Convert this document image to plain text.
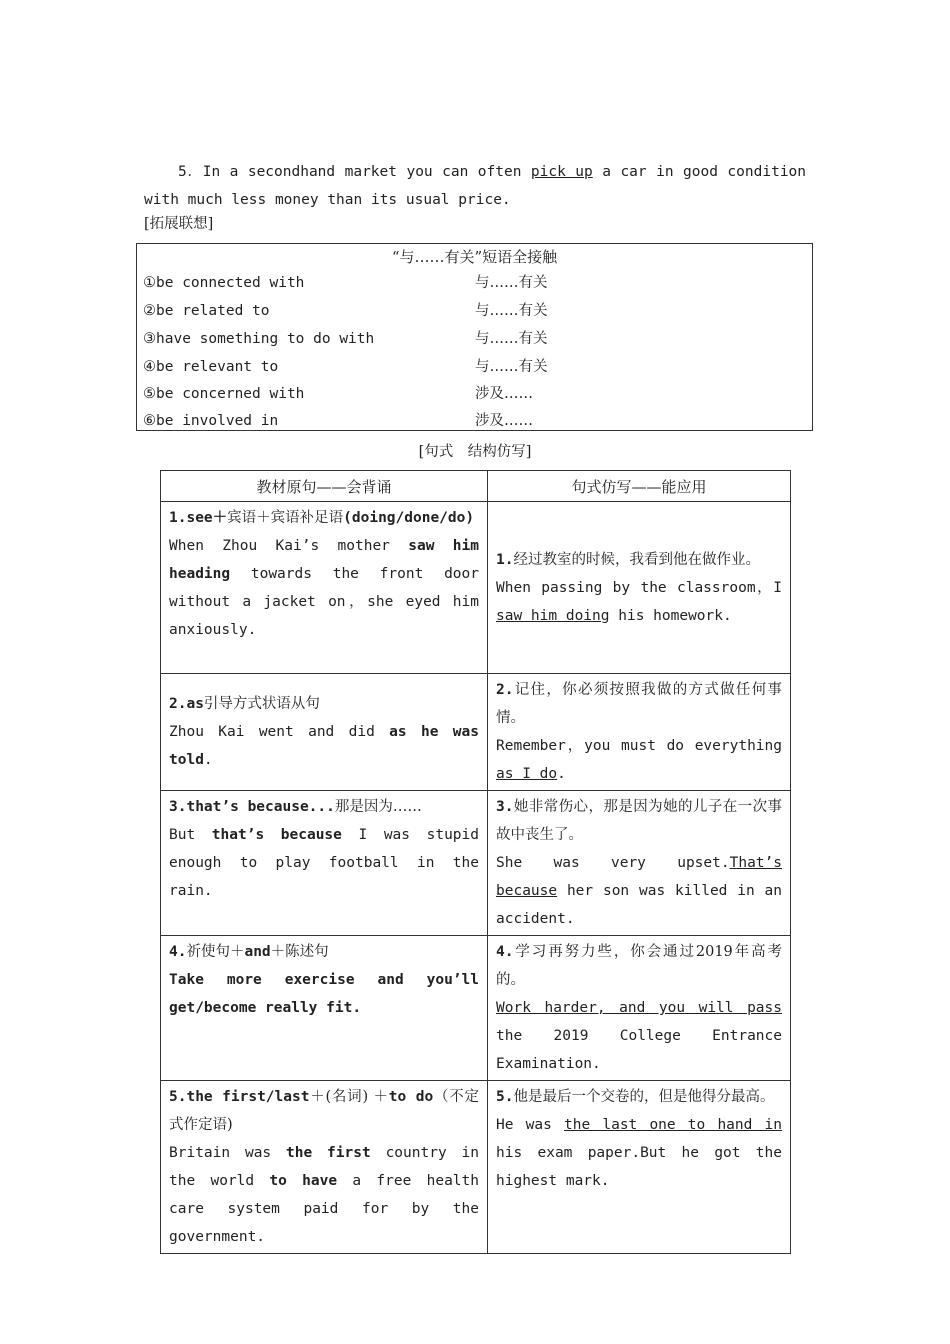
5．In a secondhand market you can often pick up a car in good condition with much less money than its usual price.
[拓展联想]
“与……有关”短语全接触
①be connected with	与……有关
②be related to	与……有关
③have something to do with	与……有关
④be relevant to	与……有关
⑤be concerned with	涉及……
⑥be involved in	涉及……
[句式　结构仿写]
教材原句——会背诵	句式仿写——能应用

1.see＋宾语＋宾语补足语(doing/done/do)
When Zhou Kai’s mother saw him heading towards the front door without a jacket on，she eyed him anxiously.	1.经过教室的时候，我看到他在做作业。
When passing by the classroom，I saw him doing his homework.

2.as引导方式状语从句
Zhou Kai went and did as he was told.	2.记住，你必须按照我做的方式做任何事情。
Remember，you must do everything as I do.

3.that’s because...那是因为……
But that’s because I was stupid enough to play football in the rain.	3.她非常伤心，那是因为她的儿子在一次事故中丧生了。
She was very upset.That’s because her son was killed in an accident.

4.祈使句＋and＋陈述句
Take more exercise and you’ll get/become really fit.	4.学习再努力些，你会通过2019年高考的。
Work harder, and you will pass the 2019 College Entrance Examination.

5.the first/last＋(名词) ＋to do（不定式作定语)
Britain was the first country in the world to have a free health care system paid for by the government.	5.他是最后一个交卷的，但是他得分最高。
He was the last one to hand in his exam paper.But he got the highest mark.
